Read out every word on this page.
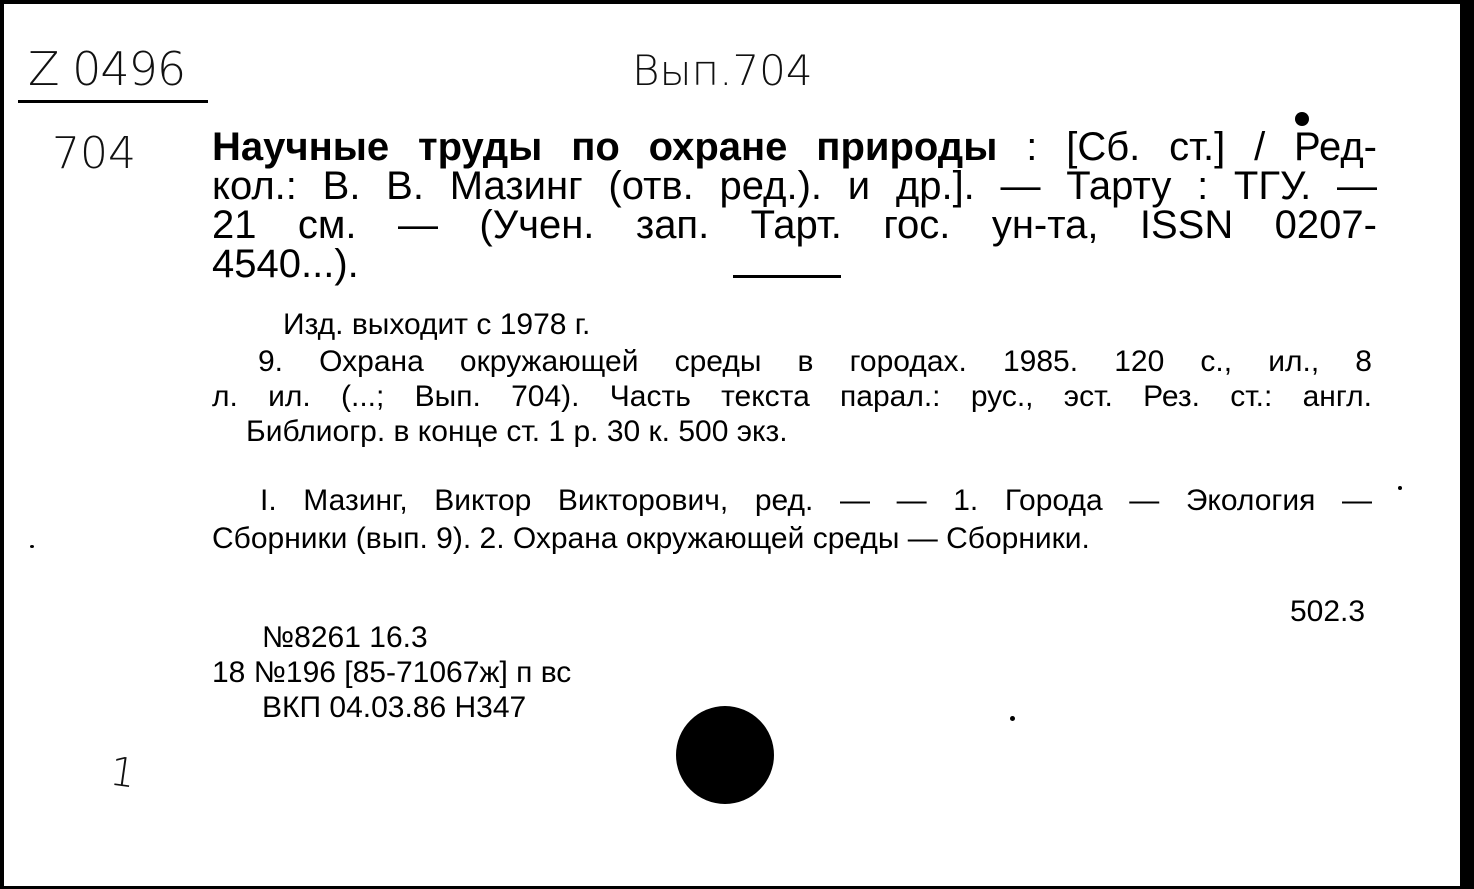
Z 0496	Вып.704
704
1
Научные труды по охране природы : [Сб. ст.] / Ред-
кол.: В. В. Мазинг (отв. ред.). и др.]. — Тарту : ТГУ. —
21 см. — (Учен. зап. Тарт. гос. ун-та, ISSN 0207-
4540...).
Изд. выходит с 1978 г.
9. Охрана окружающей среды в городах. 1985. 120 с., ил., 8
л. ил. (...; Вып. 704). Часть текста парал.: рус., эст. Рез. ст.: англ.
Библиогр. в конце ст. 1 р. 30 к. 500 экз.
I. Мазинг, Виктор Викторович, ред. — — 1. Города — Экология —
Сборники (вып. 9). 2. Охрана окружающей среды — Сборники.
502.3
№8261 16.3
18 №196 [85-71067ж] п вс
ВКП 04.03.86 Н347
